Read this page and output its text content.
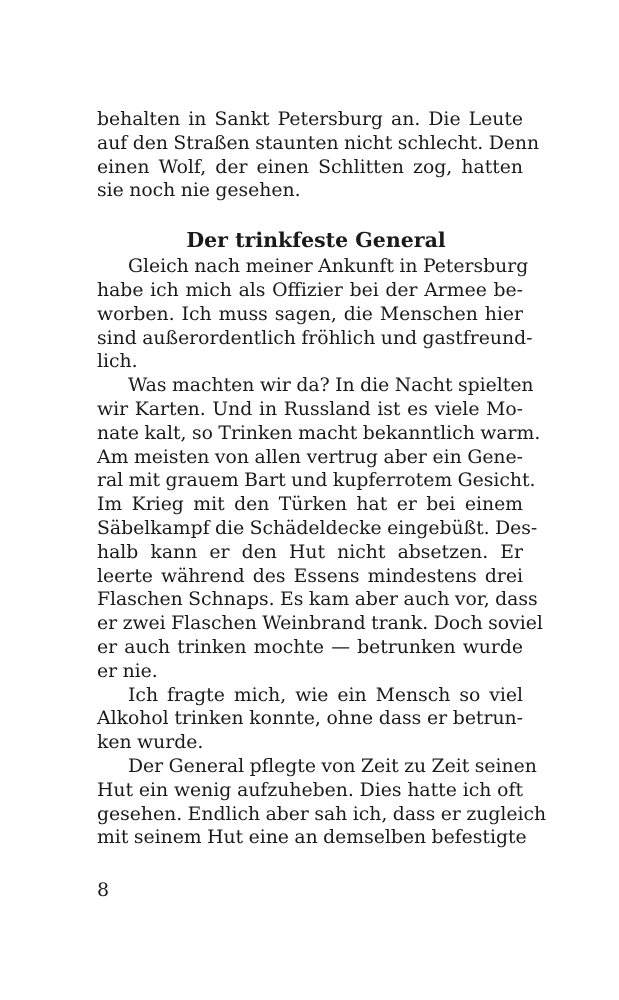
behalten in Sankt Petersburg an. Die Leute
auf den Straßen staunten nicht schlecht. Denn
einen Wolf, der einen Schlitten zog, hatten
sie noch nie gesehen.
Der trinkfeste General
Gleich nach meiner Ankunft in Petersburg
habe ich mich als Offizier bei der Armee be-
worben. Ich muss sagen, die Menschen hier
sind außerordentlich fröhlich und gastfreund-
lich.
Was machten wir da? In die Nacht spielten
wir Karten. Und in Russland ist es viele Mo-
nate kalt, so Trinken macht bekanntlich warm.
Am meisten von allen vertrug aber ein Gene-
ral mit grauem Bart und kupferrotem Gesicht.
Im Krieg mit den Türken hat er bei einem
Säbelkampf die Schädeldecke eingebüßt. Des-
halb kann er den Hut nicht absetzen. Er
leerte während des Essens mindestens drei
Flaschen Schnaps. Es kam aber auch vor, dass
er zwei Flaschen Weinbrand trank. Doch soviel
er auch trinken mochte — betrunken wurde
er nie.
Ich fragte mich, wie ein Mensch so viel
Alkohol trinken konnte, ohne dass er betrun-
ken wurde.
Der General pflegte von Zeit zu Zeit seinen
Hut ein wenig aufzuheben. Dies hatte ich oft
gesehen. Endlich aber sah ich, dass er zugleich
mit seinem Hut eine an demselben befestigte
8
